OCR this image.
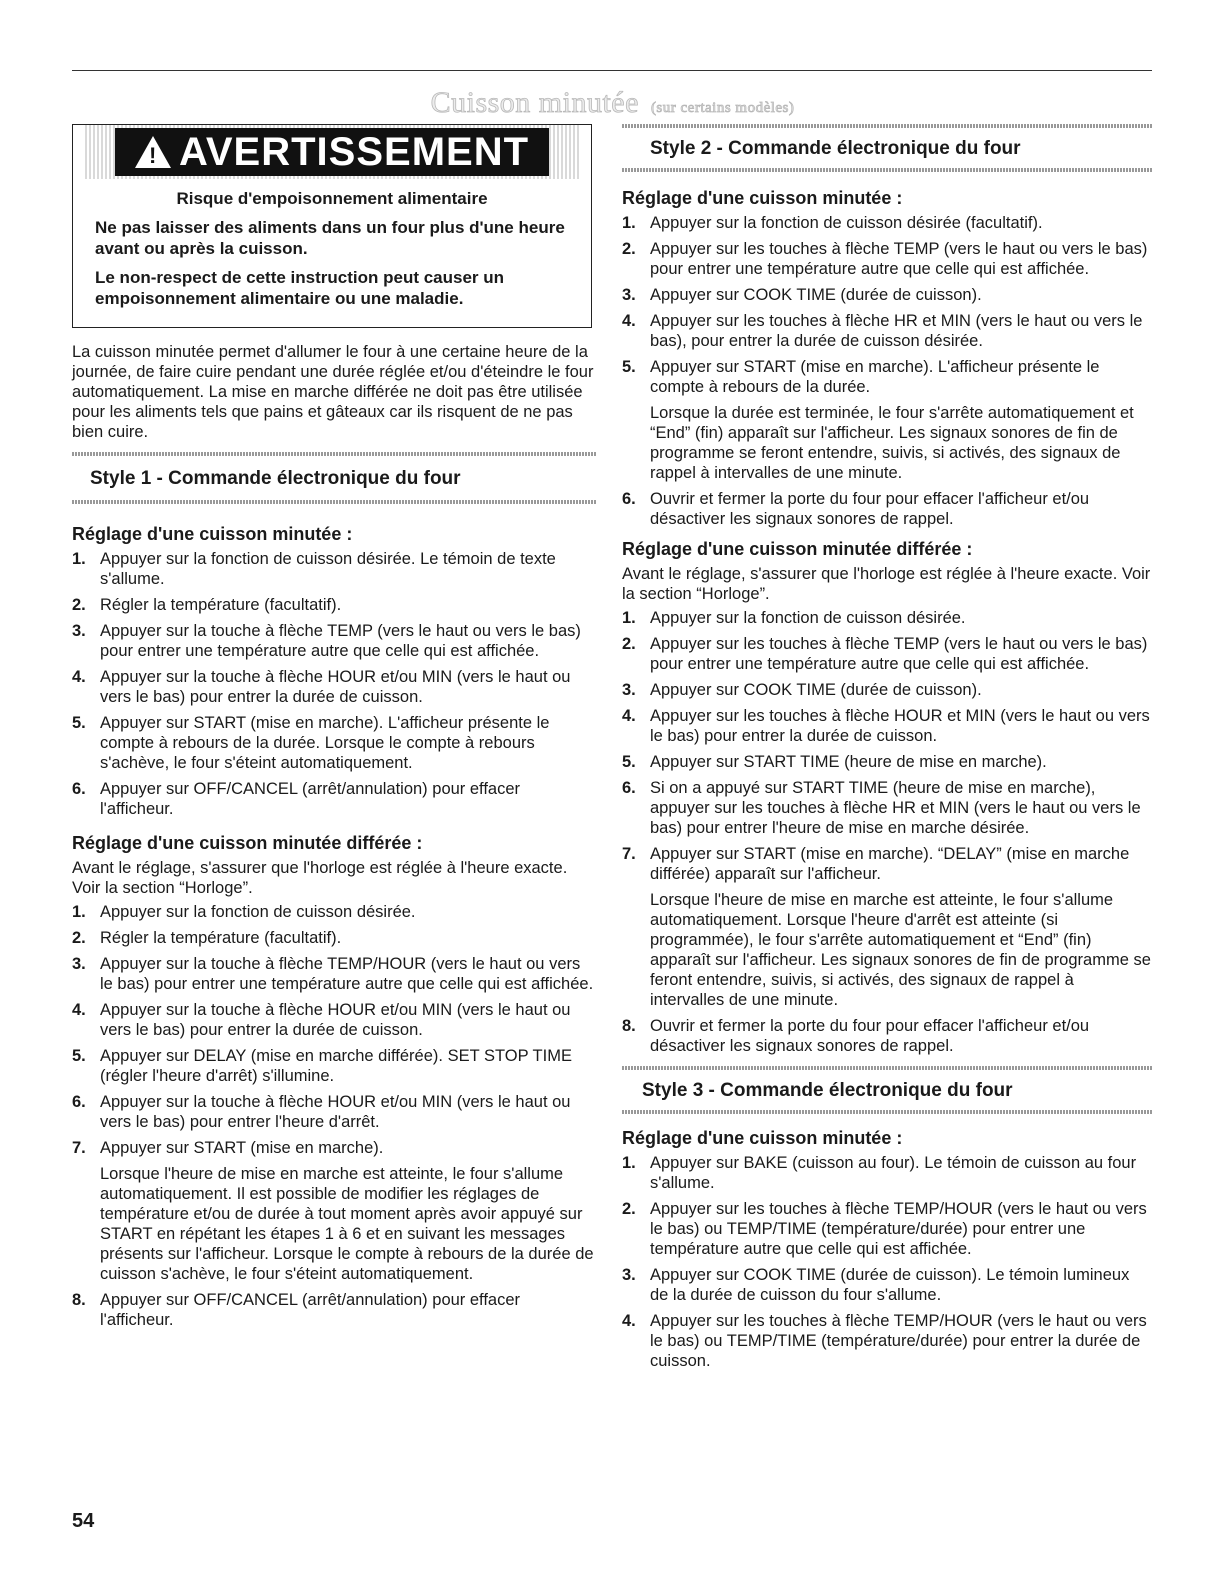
Cuisson minutée (sur certains modèles)
!
AVERTISSEMENT
Risque d'empoisonnement alimentaire
Ne pas laisser des aliments dans un four plus d'une heure avant ou après la cuisson.
Le non-respect de cette instruction peut causer un empoisonnement alimentaire ou une maladie.

La cuisson minutée permet d'allumer le four à une certaine heure de la journée, de faire cuire pendant une durée réglée et/ou d'éteindre le four automatiquement. La mise en marche différée ne doit pas être utilisée pour les aliments tels que pains et gâteaux car ils risquent de ne pas bien cuire.

Style 1 - Commande électronique du four
Réglage d'une cuisson minutée :
1. Appuyer sur la fonction de cuisson désirée. Le témoin de texte s'allume.
2. Régler la température (facultatif).
3. Appuyer sur la touche à flèche TEMP (vers le haut ou vers le bas) pour entrer une température autre que celle qui est affichée.
4. Appuyer sur la touche à flèche HOUR et/ou MIN (vers le haut ou vers le bas) pour entrer la durée de cuisson.
5. Appuyer sur START (mise en marche). L'afficheur présente le compte à rebours de la durée. Lorsque le compte à rebours s'achève, le four s'éteint automatiquement.
6. Appuyer sur OFF/CANCEL (arrêt/annulation) pour effacer l'afficheur.
Réglage d'une cuisson minutée différée :

Avant le réglage, s'assurer que l'horloge est réglée à l'heure exacte. Voir la section “Horloge”.

1. Appuyer sur la fonction de cuisson désirée.
2. Régler la température (facultatif).
3. Appuyer sur la touche à flèche TEMP/HOUR (vers le haut ou vers le bas) pour entrer une température autre que celle qui est affichée.
4. Appuyer sur la touche à flèche HOUR et/ou MIN (vers le haut ou vers le bas) pour entrer la durée de cuisson.
5. Appuyer sur DELAY (mise en marche différée). SET STOP TIME (régler l'heure d'arrêt) s'illumine.
6. Appuyer sur la touche à flèche HOUR et/ou MIN (vers le haut ou vers le bas) pour entrer l'heure d'arrêt.
7. Appuyer sur START (mise en marche).
Lorsque l'heure de mise en marche est atteinte, le four s'allume automatiquement. Il est possible de modifier les réglages de température et/ou de durée à tout moment après avoir appuyé sur START en répétant les étapes 1 à 6 et en suivant les messages présents sur l'afficheur. Lorsque le compte à rebours de la durée de cuisson s'achève, le four s'éteint automatiquement.
8. Appuyer sur OFF/CANCEL (arrêt/annulation) pour effacer l'afficheur.
Style 2 - Commande électronique du four
Réglage d'une cuisson minutée :
1. Appuyer sur la fonction de cuisson désirée (facultatif).
2. Appuyer sur les touches à flèche TEMP (vers le haut ou vers le bas) pour entrer une température autre que celle qui est affichée.
3. Appuyer sur COOK TIME (durée de cuisson).
4. Appuyer sur les touches à flèche HR et MIN (vers le haut ou vers le bas), pour entrer la durée de cuisson désirée.
5. Appuyer sur START (mise en marche). L'afficheur présente le compte à rebours de la durée.
Lorsque la durée est terminée, le four s'arrête automatiquement et “End” (fin) apparaît sur l'afficheur. Les signaux sonores de fin de programme se feront entendre, suivis, si activés, des signaux de rappel à intervalles de une minute.
6. Ouvrir et fermer la porte du four pour effacer l'afficheur et/ou désactiver les signaux sonores de rappel.
Réglage d'une cuisson minutée différée :

Avant le réglage, s'assurer que l'horloge est réglée à l'heure exacte. Voir la section “Horloge”.

1. Appuyer sur la fonction de cuisson désirée.
2. Appuyer sur les touches à flèche TEMP (vers le haut ou vers le bas) pour entrer une température autre que celle qui est affichée.
3. Appuyer sur COOK TIME (durée de cuisson).
4. Appuyer sur les touches à flèche HOUR et MIN (vers le haut ou vers le bas) pour entrer la durée de cuisson.
5. Appuyer sur START TIME (heure de mise en marche).
6. Si on a appuyé sur START TIME (heure de mise en marche), appuyer sur les touches à flèche HR et MIN (vers le haut ou vers le bas) pour entrer l'heure de mise en marche désirée.
7. Appuyer sur START (mise en marche). “DELAY” (mise en marche différée) apparaît sur l'afficheur.
Lorsque l'heure de mise en marche est atteinte, le four s'allume automatiquement. Lorsque l'heure d'arrêt est atteinte (si programmée), le four s'arrête automatiquement et “End” (fin) apparaît sur l'afficheur. Les signaux sonores de fin de programme se feront entendre, suivis, si activés, des signaux de rappel à intervalles de une minute.
8. Ouvrir et fermer la porte du four pour effacer l'afficheur et/ou désactiver les signaux sonores de rappel.
Style 3 - Commande électronique du four
Réglage d'une cuisson minutée :
1. Appuyer sur BAKE (cuisson au four). Le témoin de cuisson au four s'allume.
2. Appuyer sur les touches à flèche TEMP/HOUR (vers le haut ou vers le bas) ou TEMP/TIME (température/durée) pour entrer une température autre que celle qui est affichée.
3. Appuyer sur COOK TIME (durée de cuisson). Le témoin lumineux de la durée de cuisson du four s'allume.
4. Appuyer sur les touches à flèche TEMP/HOUR (vers le haut ou vers le bas) ou TEMP/TIME (température/durée) pour entrer la durée de cuisson.
54
